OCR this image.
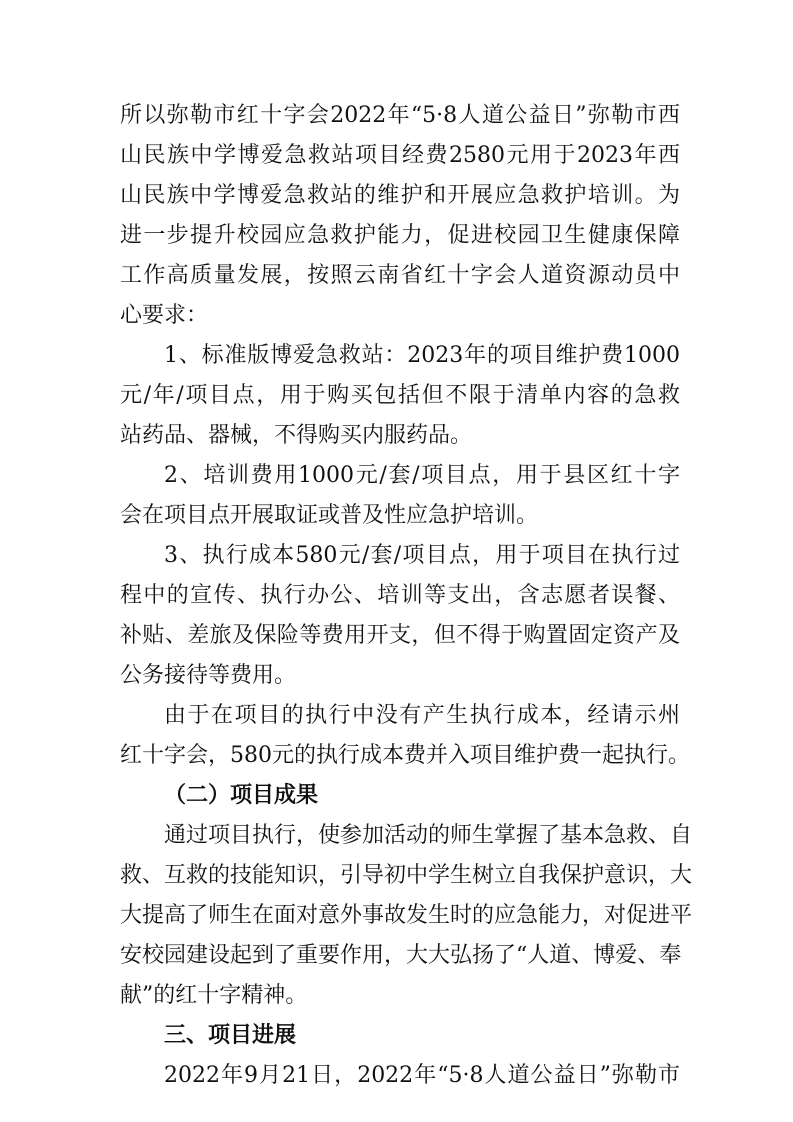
所以弥勒市红十字会2022年“5·8人道公益日”弥勒市西
山民族中学博爱急救站项目经费2580元用于2023年西
山民族中学博爱急救站的维护和开展应急救护培训。为
进一步提升校园应急救护能力，促进校园卫生健康保障
工作高质量发展，按照云南省红十字会人道资源动员中
心要求：
1、标准版博爱急救站：2023年的项目维护费1000
元/年/项目点，用于购买包括但不限于清单内容的急救
站药品、器械，不得购买内服药品。
2、培训费用1000元/套/项目点，用于县区红十字
会在项目点开展取证或普及性应急护培训。
3、执行成本580元/套/项目点，用于项目在执行过
程中的宣传、执行办公、培训等支出，含志愿者误餐、
补贴、差旅及保险等费用开支，但不得于购置固定资产及
公务接待等费用。
由于在项目的执行中没有产生执行成本，经请示州
红十字会，580元的执行成本费并入项目维护费一起执行。
（二）项目成果
通过项目执行，使参加活动的师生掌握了基本急救、自
救、互救的技能知识，引导初中学生树立自我保护意识，大
大提高了师生在面对意外事故发生时的应急能力，对促进平
安校园建设起到了重要作用，大大弘扬了“人道、博爱、奉
献”的红十字精神。
三、项目进展
2022年9月21日，2022年“5·8人道公益日”弥勒市
